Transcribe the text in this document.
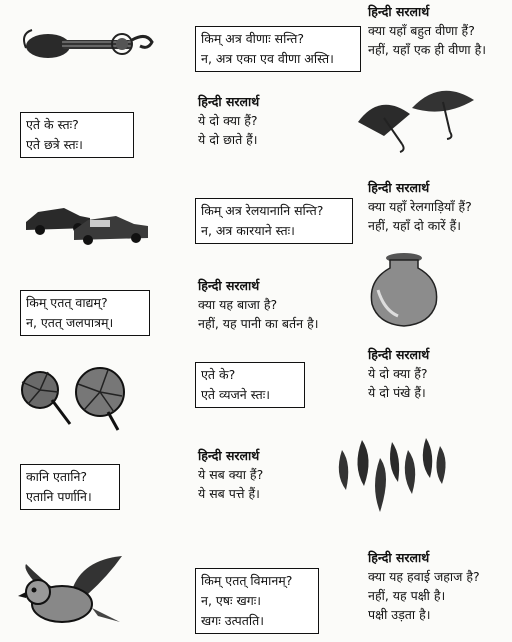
किम् अत्र वीणाः सन्ति?
न, अत्र एका एव वीणा अस्ति।
हिन्दी सरलार्थ
क्या यहाँ बहुत वीणा हैं?
नहीं, यहाँ एक ही वीणा है।
एते के स्तः?
एते छत्रे स्तः।
हिन्दी सरलार्थ
ये दो क्या हैं?
ये दो छाते हैं।
किम् अत्र रेलयानानि सन्ति?
न, अत्र कारयाने स्तः।
हिन्दी सरलार्थ
क्या यहाँ रेलगाड़ियाँ हैं?
नहीं, यहाँ दो कारें हैं।
किम् एतत् वाद्यम्?
न, एतत् जलपात्रम्।
हिन्दी सरलार्थ
क्या यह बाजा है?
नहीं, यह पानी का बर्तन है।
एते के?
एते व्यजने स्तः।
हिन्दी सरलार्थ
ये दो क्या हैं?
ये दो पंखे हैं।
कानि एतानि?
एतानि पर्णानि।
हिन्दी सरलार्थ
ये सब क्या हैं?
ये सब पत्ते हैं।
किम् एतत् विमानम्?
न, एषः खगः।
खगः उत्पतति।
हिन्दी सरलार्थ
क्या यह हवाई जहाज है?
नहीं, यह पक्षी है।
पक्षी उड़ता है।
